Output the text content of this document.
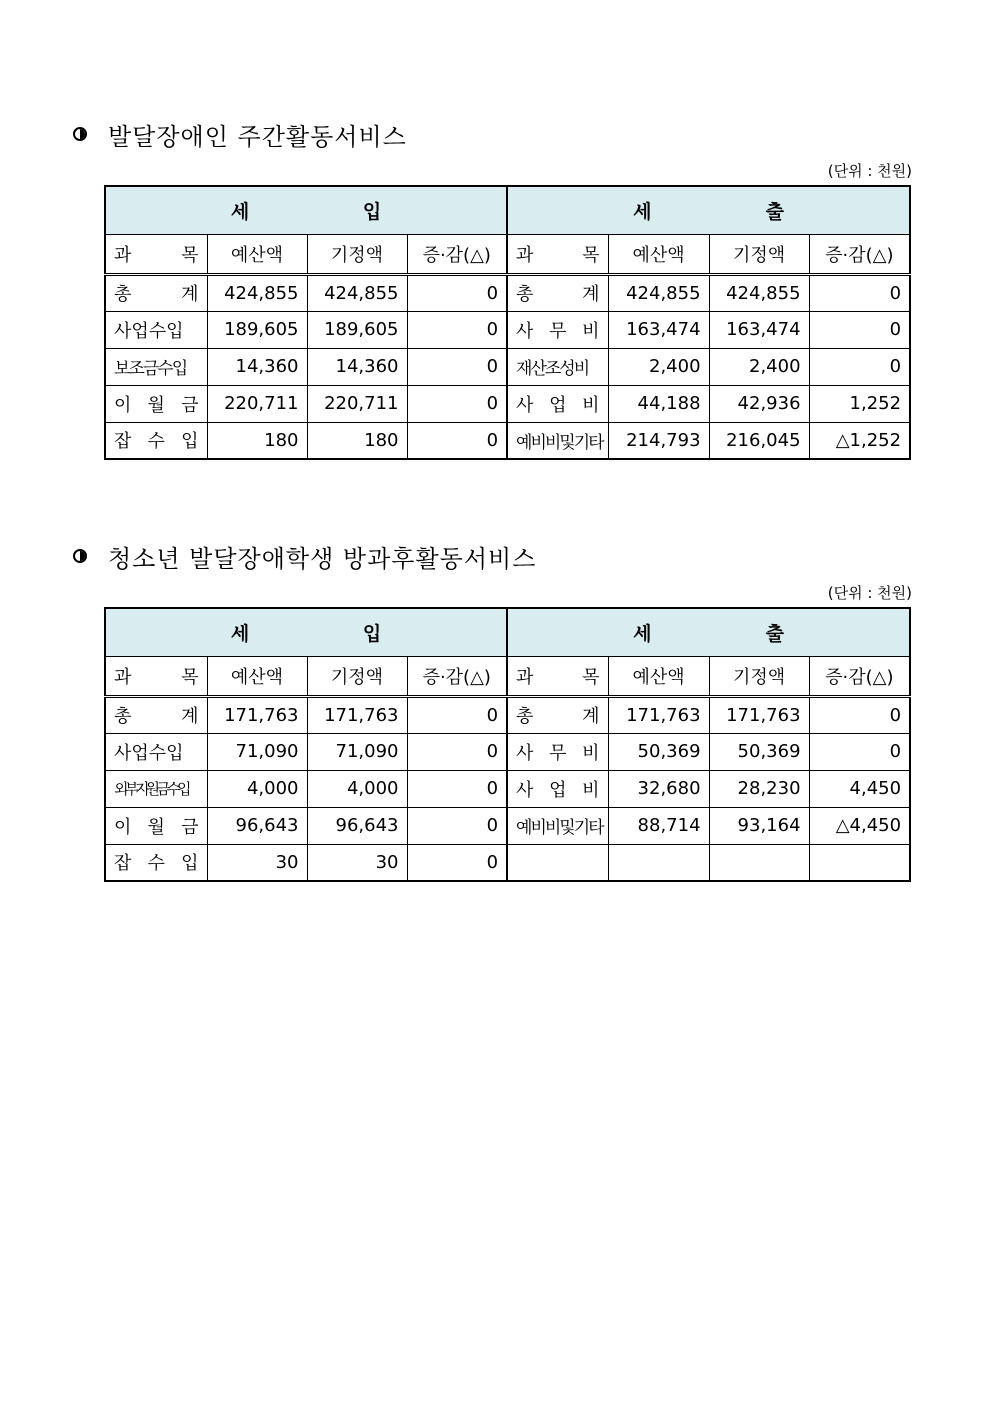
발달장애인 주간활동서비스
(단위 : 천원)
세 입				세 출			

과 목	예산액	기정액	증·감(△)	과 목	예산액	기정액	증·감(△)

총 계	424,855	424,855	0	총 계	424,855	424,855	0

사업수입	189,605	189,605	0	사 무 비	163,474	163,474	0

보조금수입	14,360	14,360	0	재산조성비	2,400	2,400	0

이 월 금	220,711	220,711	0	사 업 비	44,188	42,936	1,252

잡 수 입	180	180	0	예비비및기타	214,793	216,045	△1,252
청소년 발달장애학생 방과후활동서비스
(단위 : 천원)
세 입				세 출			

과 목	예산액	기정액	증·감(△)	과 목	예산액	기정액	증·감(△)

총 계	171,763	171,763	0	총 계	171,763	171,763	0

사업수입	71,090	71,090	0	사 무 비	50,369	50,369	0

외부지원금수입	4,000	4,000	0	사 업 비	32,680	28,230	4,450

이 월 금	96,643	96,643	0	예비비및기타	88,714	93,164	△4,450

잡 수 입	30	30	0	
